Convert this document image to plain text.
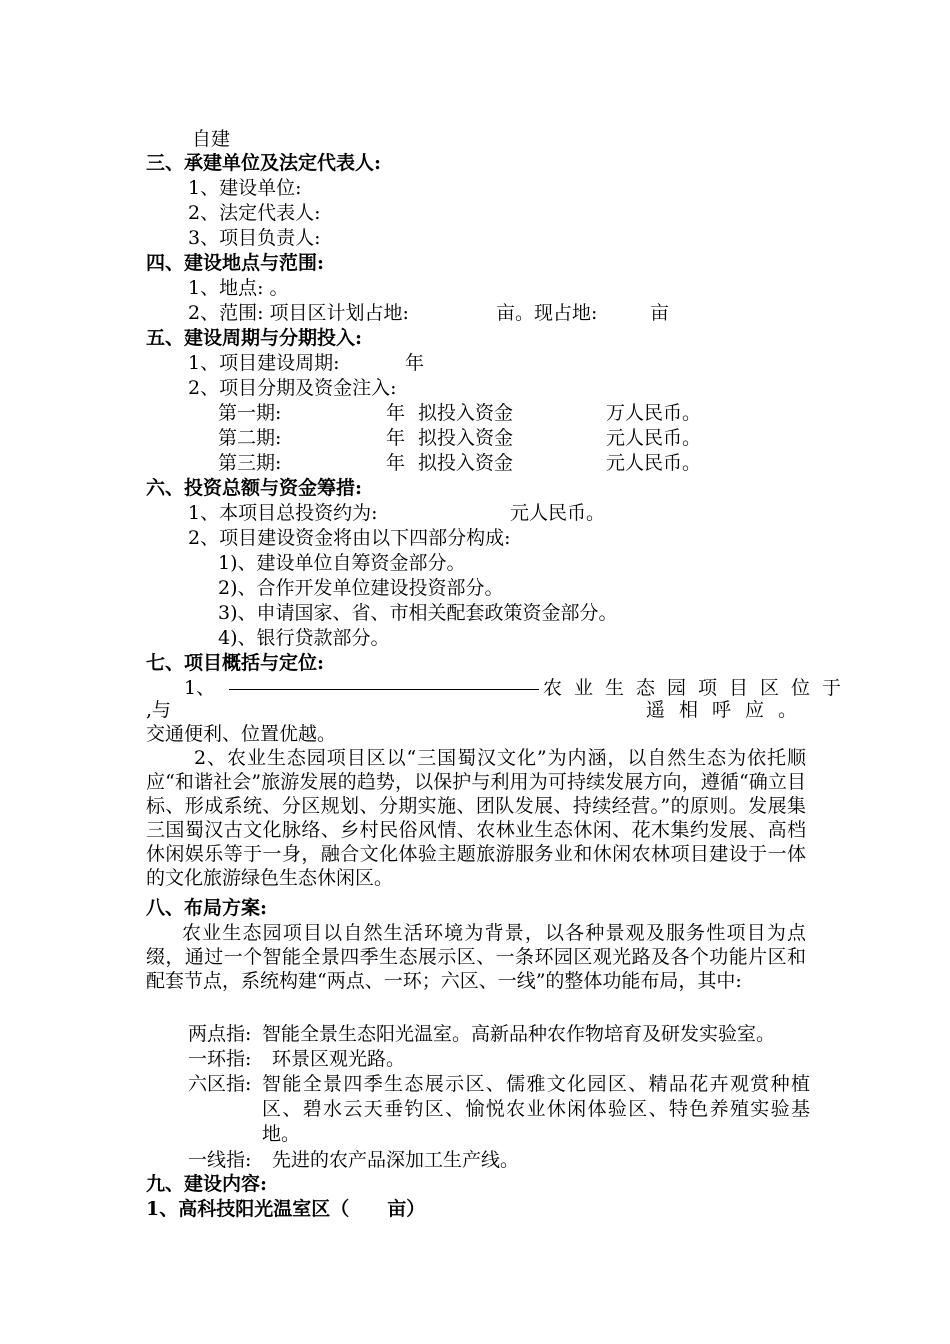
自建
三、承建单位及法定代表人:
1、建设单位:
2、法定代表人:
3、项目负责人:
四、建设地点与范围:
1、地点: 。
2、范围: 项目区计划占地:	亩。现占地:	亩
五、建设周期与分期投入:
1、项目建设周期:	年
2、项目分期及资金注入:
第一期:	年 拟投入资金	万人民币。
第二期:	年 拟投入资金	元人民币。
第三期:	年 拟投入资金	元人民币。
六、投资总额与资金筹措:
1、本项目总投资约为:	元人民币。
2、项目建设资金将由以下四部分构成:
1)、建设单位自筹资金部分。
2)、合作开发单位建设投资部分。
3)、申请国家、省、市相关配套政策资金部分。
4)、银行贷款部分。
七、项目概括与定位:
1、	农业生态园项目区位于
,与	遥相呼应。
交通便利、位置优越。
2、农业生态园项目区以“三国蜀汉文化”为内涵，以自然生态为依托顺应“和谐社会”旅游发展的趋势，以保护与利用为可持续发展方向，遵循“确立目标、形成系统、分区规划、分期实施、团队发展、持续经营。”的原则。发展集三国蜀汉古文化脉络、乡村民俗风情、农林业生态休闲、花木集约发展、高档休闲娱乐等于一身，融合文化体验主题旅游服务业和休闲农林项目建设于一体的文化旅游绿色生态休闲区。
八、布局方案:
农业生态园项目以自然生活环境为背景，以各种景观及服务性项目为点缀，通过一个智能全景四季生态展示区、一条环园区观光路及各个功能片区和配套节点，系统构建“两点、一环；六区、一线”的整体功能布局，其中:
两点指: 智能全景生态阳光温室。高新品种农作物培育及研发实验室。
一环指: 环景区观光路。
六区指: 智能全景四季生态展示区、儒雅文化园区、精品花卉观赏种植区、碧水云天垂钓区、愉悦农业休闲体验区、特色养殖实验基地。
一线指: 先进的农产品深加工生产线。
九、建设内容:
1、高科技阳光温室区（　　亩）
